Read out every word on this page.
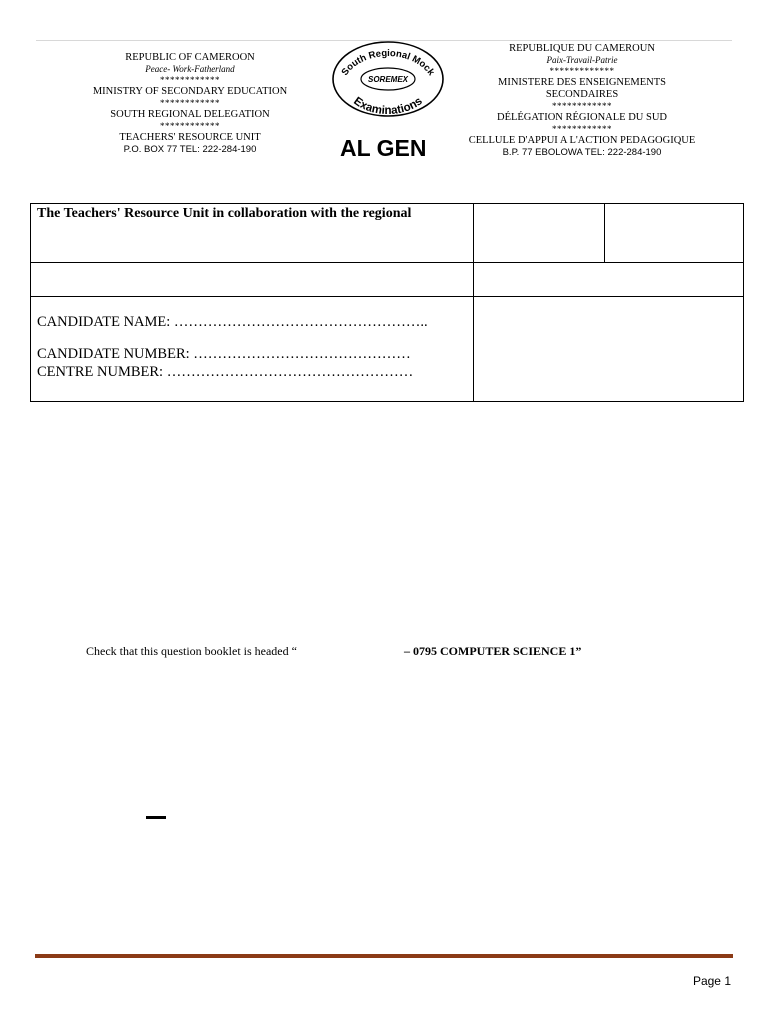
REPUBLIC OF CAMEROON
Peace- Work-Fatherland
************
MINISTRY OF SECONDARY EDUCATION
************
SOUTH REGIONAL DELEGATION
************
TEACHERS' RESOURCE UNIT
P.O. BOX 77 TEL: 222-284-190
South Regional Mock
SOREMEX
Examinations
REPUBLIQUE DU CAMEROUN
Paix-Travail-Patrie
*************
MINISTERE DES ENSEIGNEMENTS SECONDAIRES
************
DÉLÉGATION RÉGIONALE DU SUD
************
CELLULE D'APPUI A L'ACTION PEDAGOGIQUE
B.P. 77 EBOLOWA TEL: 222-284-190
AL GEN
The Teachers' Resource Unit in collaboration with the regional		

CANDIDATE NAME: ……………………………………………..
CANDIDATE NUMBER: ………………………………………
CENTRE NUMBER: ……………………………………………		

Check that this question booklet is headed “	– 0795 COMPUTER SCIENCE 1”
Page 1
